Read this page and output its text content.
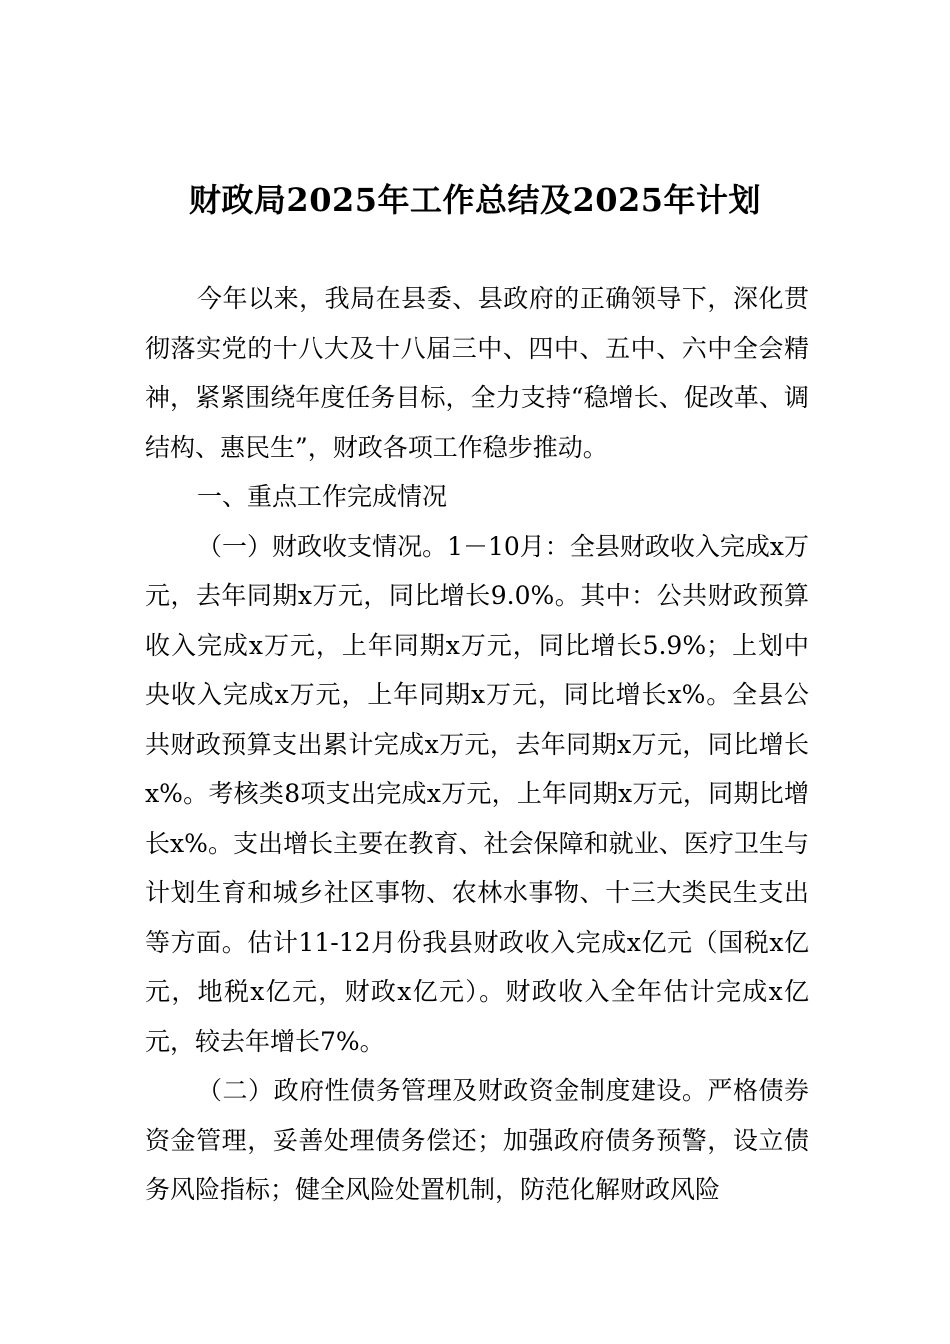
财政局2025年工作总结及2025年计划

今年以来，我局在县委、县政府的正确领导下，深化贯彻落实党的十八大及十八届三中、四中、五中、六中全会精神，紧紧围绕年度任务目标，全力支持“稳增长、促改革、调结构、惠民生”，财政各项工作稳步推动。

一、重点工作完成情况

（一）财政收支情况。1－10月：全县财政收入完成x万元，去年同期x万元，同比增长9.0%。其中：公共财政预算收入完成x万元，上年同期x万元，同比增长5.9%；上划中央收入完成x万元，上年同期x万元，同比增长x%。全县公共财政预算支出累计完成x万元，去年同期x万元，同比增长x%。考核类8项支出完成x万元，上年同期x万元，同期比增长x%。支出增长主要在教育、社会保障和就业、医疗卫生与计划生育和城乡社区事物、农林水事物、十三大类民生支出等方面。估计11-12月份我县财政收入完成x亿元（国税x亿元，地税x亿元，财政x亿元）。财政收入全年估计完成x亿元，较去年增长7%。

（二）政府性债务管理及财政资金制度建设。严格债券资金管理，妥善处理债务偿还；加强政府债务预警，设立债务风险指标；健全风险处置机制，防范化解财政风险
